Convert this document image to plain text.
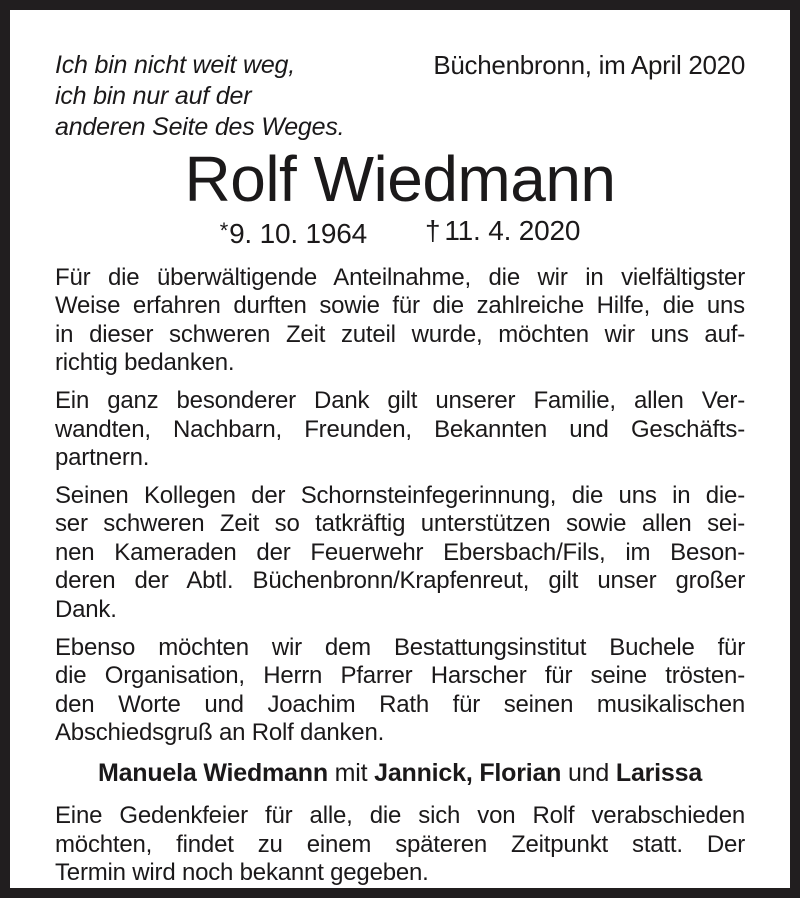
Ich bin nicht weit weg,
ich bin nur auf der
anderen Seite des Weges.
Büchenbronn, im April 2020
Rolf Wiedmann
*9. 10. 1964 † 11. 4. 2020
Für die überwältigende Anteilnahme, die wir in vielfältigster
Weise erfahren durften sowie für die zahlreiche Hilfe, die uns
in dieser schweren Zeit zuteil wurde, möchten wir uns auf-
richtig bedanken.
Ein ganz besonderer Dank gilt unserer Familie, allen Ver-
wandten, Nachbarn, Freunden, Bekannten und Geschäfts-
partnern.
Seinen Kollegen der Schornsteinfegerinnung, die uns in die-
ser schweren Zeit so tatkräftig unterstützen sowie allen sei-
nen Kameraden der Feuerwehr Ebersbach/Fils, im Beson-
deren der Abtl. Büchenbronn/Krapfenreut, gilt unser großer
Dank.
Ebenso möchten wir dem Bestattungsinstitut Buchele für
die Organisation, Herrn Pfarrer Harscher für seine trösten-
den Worte und Joachim Rath für seinen musikalischen
Abschiedsgruß an Rolf danken.
Manuela Wiedmann mit Jannick, Florian und Larissa
Eine Gedenkfeier für alle, die sich von Rolf verabschieden
möchten, findet zu einem späteren Zeitpunkt statt. Der
Termin wird noch bekannt gegeben.
